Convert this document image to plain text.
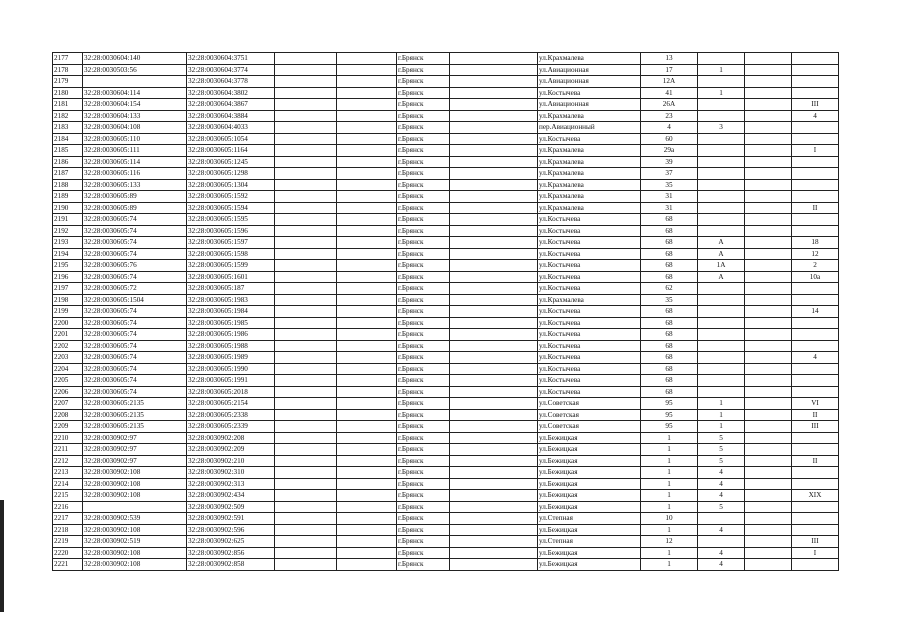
2177	32:28:0030604:140	32:28:0030604:3751			г.Брянск		ул.Крахмалева	13			
2178	32:28:0030503:56	32:28:0030604:3774			г.Брянск		ул.Авиационная	17	1		
2179		32:28:0030604:3778			г.Брянск		ул.Авиационная	12А			
2180	32:28:0030604:114	32:28:0030604:3802			г.Брянск		ул.Костычева	41	1		
2181	32:28:0030604:154	32:28:0030604:3867			г.Брянск		ул.Авиационная	26А			III
2182	32:28:0030604:133	32:28:0030604:3884			г.Брянск		ул.Крахмалева	23			4
2183	32:28:0030604:108	32:28:0030604:4033			г.Брянск		пер.Авиационный	4	3		
2184	32:28:0030605:110	32:28:0030605:1054			г.Брянск		ул.Костычева	60			
2185	32:28:0030605:111	32:28:0030605:1164			г.Брянск		ул.Крахмалева	29а			I
2186	32:28:0030605:114	32:28:0030605:1245			г.Брянск		ул.Крахмалева	39			
2187	32:28:0030605:116	32:28:0030605:1298			г.Брянск		ул.Крахмалева	37			
2188	32:28:0030605:133	32:28:0030605:1304			г.Брянск		ул.Крахмалева	35			
2189	32:28:0030605:89	32:28:0030605:1592			г.Брянск		ул.Крахмалева	31			
2190	32:28:0030605:89	32:28:0030605:1594			г.Брянск		ул.Крахмалева	31			II
2191	32:28:0030605:74	32:28:0030605:1595			г.Брянск		ул.Костычева	68			
2192	32:28:0030605:74	32:28:0030605:1596			г.Брянск		ул.Костычева	68			
2193	32:28:0030605:74	32:28:0030605:1597			г.Брянск		ул.Костычева	68	А		18
2194	32:28:0030605:74	32:28:0030605:1598			г.Брянск		ул.Костычева	68	А		12
2195	32:28:0030605:76	32:28:0030605:1599			г.Брянск		ул.Костычева	68	1А		2
2196	32:28:0030605:74	32:28:0030605:1601			г.Брянск		ул.Костычева	68	А		10а
2197	32:28:0030605:72	32:28:0030605:187			г.Брянск		ул.Костычева	62			
2198	32:28:0030605:1504	32:28:0030605:1983			г.Брянск		ул.Крахмалева	35			
2199	32:28:0030605:74	32:28:0030605:1984			г.Брянск		ул.Костычева	68			14
2200	32:28:0030605:74	32:28:0030605:1985			г.Брянск		ул.Костычева	68			
2201	32:28:0030605:74	32:28:0030605:1986			г.Брянск		ул.Костычева	68			
2202	32:28:0030605:74	32:28:0030605:1988			г.Брянск		ул.Костычева	68			
2203	32:28:0030605:74	32:28:0030605:1989			г.Брянск		ул.Костычева	68			4
2204	32:28:0030605:74	32:28:0030605:1990			г.Брянск		ул.Костычева	68			
2205	32:28:0030605:74	32:28:0030605:1991			г.Брянск		ул.Костычева	68			
2206	32:28:0030605:74	32:28:0030605:2018			г.Брянск		ул.Костычева	68			
2207	32:28:0030605:2135	32:28:0030605:2154			г.Брянск		ул.Советская	95	1		VI
2208	32:28:0030605:2135	32:28:0030605:2338			г.Брянск		ул.Советская	95	1		II
2209	32:28:0030605:2135	32:28:0030605:2339			г.Брянск		ул.Советская	95	1		III
2210	32:28:0030902:97	32:28:0030902:208			г.Брянск		ул.Бежицкая	1	5		
2211	32:28:0030902:97	32:28:0030902:209			г.Брянск		ул.Бежицкая	1	5		
2212	32:28:0030902:97	32:28:0030902:210			г.Брянск		ул.Бежицкая	1	5		II
2213	32:28:0030902:108	32:28:0030902:310			г.Брянск		ул.Бежицкая	1	4		
2214	32:28:0030902:108	32:28:0030902:313			г.Брянск		ул.Бежицкая	1	4		
2215	32:28:0030902:108	32:28:0030902:434			г.Брянск		ул.Бежицкая	1	4		XIX
2216		32:28:0030902:509			г.Брянск		ул.Бежицкая	1	5		
2217	32:28:0030902:539	32:28:0030902:591			г.Брянск		ул.Степная	10			
2218	32:28:0030902:108	32:28:0030902:596			г.Брянск		ул.Бежицкая	1	4		
2219	32:28:0030902:519	32:28:0030902:625			г.Брянск		ул.Степная	12			III
2220	32:28:0030902:108	32:28:0030902:856			г.Брянск		ул.Бежицкая	1	4		I
2221	32:28:0030902:108	32:28:0030902:858			г.Брянск		ул.Бежицкая	1	4		
